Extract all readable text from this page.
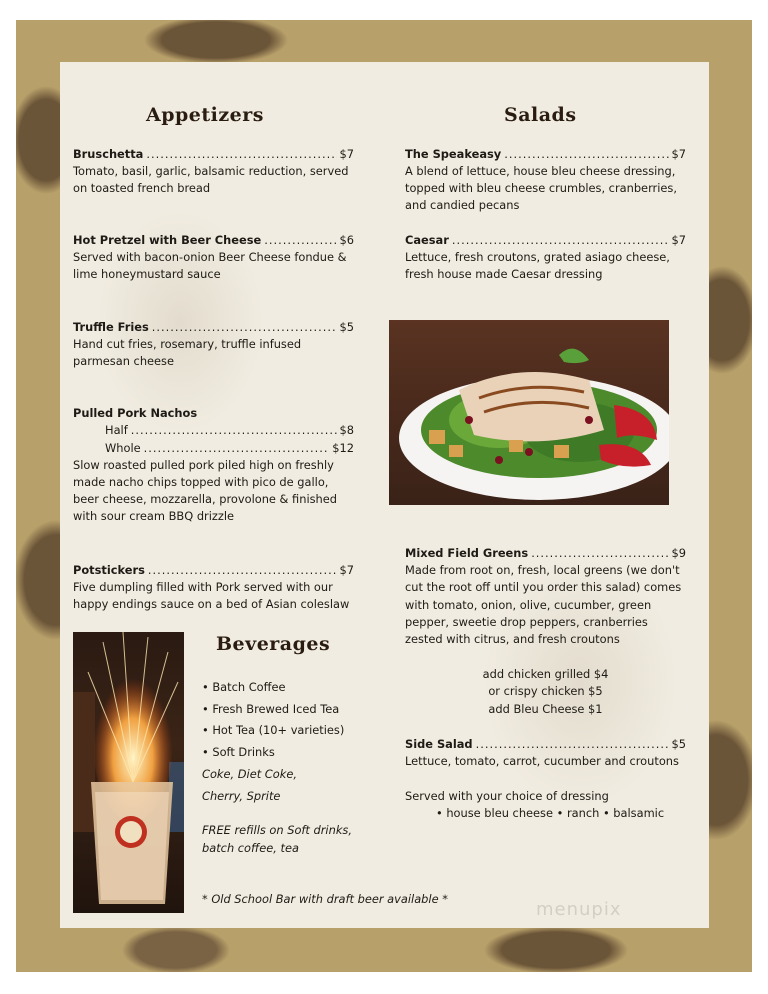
Appetizers
Bruschetta .....	$7
Tomato, basil, garlic, balsamic reduction, served
on toasted french bread
Hot Pretzel with Beer Cheese .....	$6
Served with bacon-onion Beer Cheese fondue &
lime honeymustard sauce
Truffle Fries .....	$5
Hand cut fries, rosemary, truffle infused
parmesan cheese
Pulled Pork Nachos
Half .....	$8
Whole .....	$12
Slow roasted pulled pork piled high on freshly
made nacho chips topped with pico de gallo,
beer cheese, mozzarella, provolone & finished
with sour cream BBQ drizzle
Potstickers .....	$7
Five dumpling filled with Pork served with our
happy endings sauce on a bed of Asian coleslaw
Beverages
• Batch Coffee
• Fresh Brewed Iced Tea
• Hot Tea (10+ varieties)
• Soft Drinks
Coke, Diet Coke,
Cherry, Sprite
FREE refills on Soft drinks,
batch coffee, tea
* Old School Bar with draft beer available *
Salads
The Speakeasy .....	$7
A blend of lettuce, house bleu cheese dressing,
topped with bleu cheese crumbles, cranberries,
and candied pecans
Caesar .....	$7
Lettuce, fresh croutons, grated asiago cheese,
fresh house made Caesar dressing
Mixed Field Greens .....	$9
Made from root on, fresh, local greens (we don't
cut the root off until you order this salad) comes
with tomato, onion, olive, cucumber, green
pepper, sweetie drop peppers, cranberries
zested with citrus, and fresh croutons
add chicken grilled $4
or crispy chicken $5
add Bleu Cheese $1
Side Salad .....	$5
Lettuce, tomato, carrot, cucumber and croutons
Served with your choice of dressing
• house bleu cheese • ranch • balsamic
menupix
